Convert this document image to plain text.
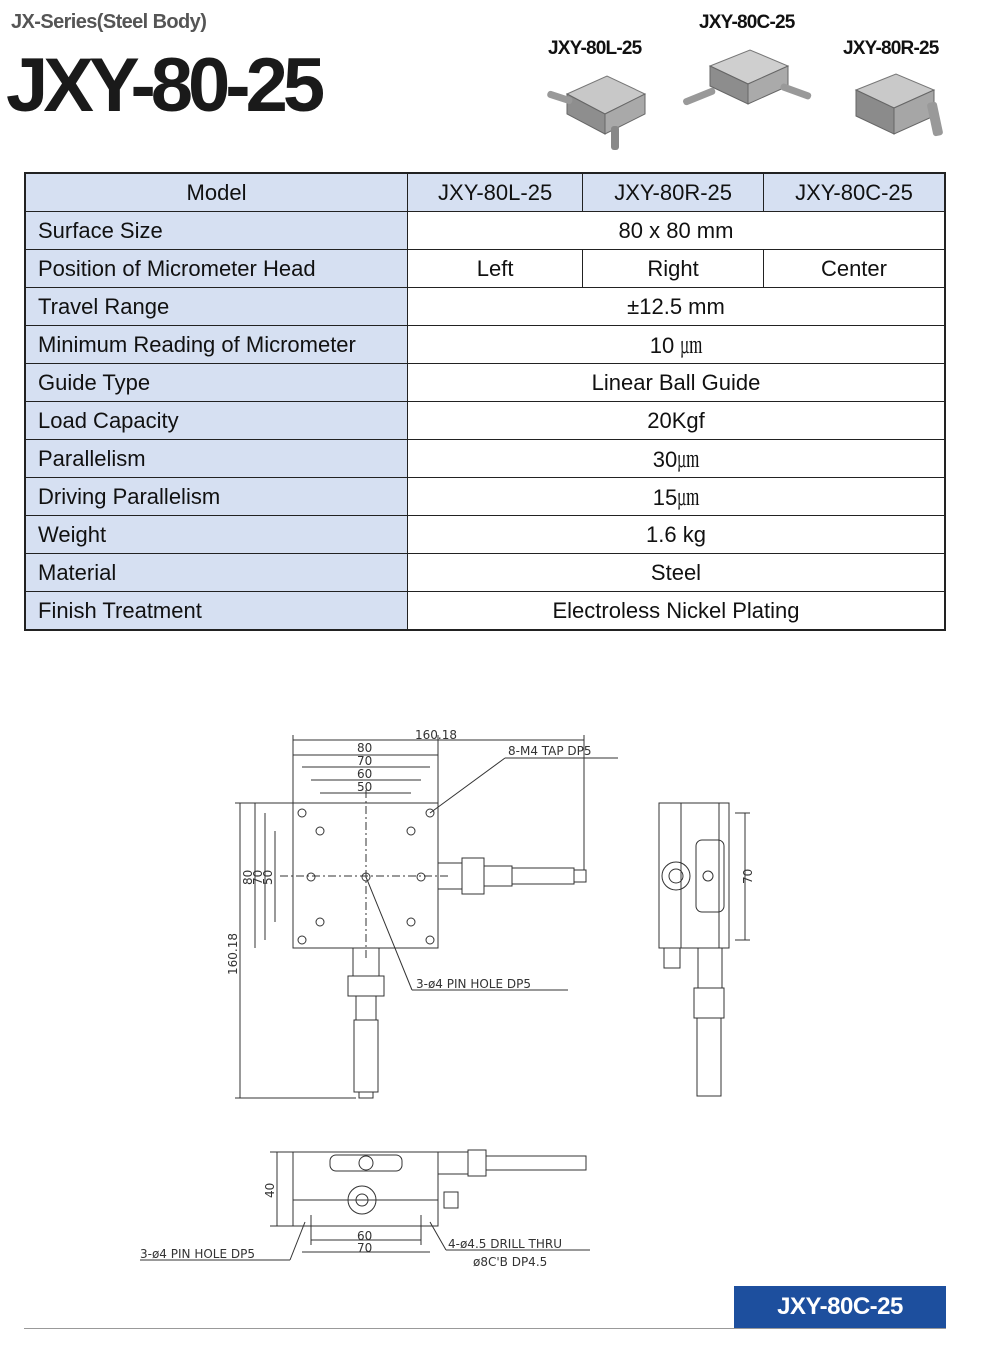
JX-Series(Steel Body)
JXY-80-25	JXY-80L-25
JXY-80C-25
JXY-80R-25
Model	JXY-80L-25	JXY-80R-25	JXY-80C-25
Surface Size	80 x 80 mm		
Position of Micrometer Head	Left	Right	Center
Travel Range	±12.5 mm		
Minimum Reading of Micrometer	10 ㎛		
Guide Type	Linear Ball Guide		
Load Capacity	20Kgf		
Parallelism	30㎛		
Driving Parallelism	15㎛		
Weight	1.6 kg		
Material	Steel		
Finish Treatment	Electroless Nickel Plating		
160.18
80
70
60
50
8-M4 TAP DP5
80
70
50
160.18
3-ø4 PIN HOLE DP5
70
40
60
70
3-ø4 PIN HOLE DP5
4-ø4.5 DRILL THRU
ø8C'B DP4.5
JXY-80C-25
